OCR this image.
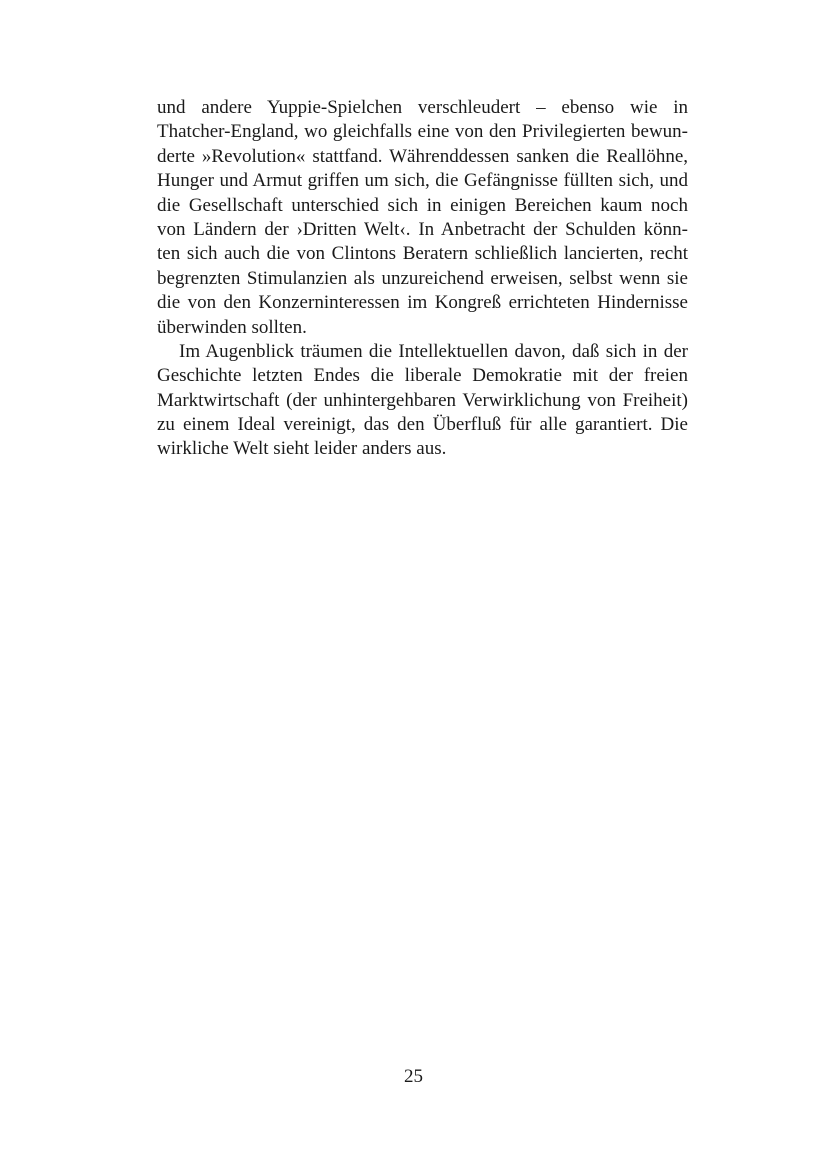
und andere Yuppie-Spielchen verschleudert – ebenso wie in
Thatcher-England, wo gleichfalls eine von den Privilegierten bewun-
derte »Revolution« stattfand. Währenddessen sanken die Reallöhne,
Hunger und Armut griffen um sich, die Gefängnisse füllten sich, und
die Gesellschaft unterschied sich in einigen Bereichen kaum noch
von Ländern der ›Dritten Welt‹. In Anbetracht der Schulden könn-
ten sich auch die von Clintons Beratern schließlich lancierten, recht
begrenzten Stimulanzien als unzureichend erweisen, selbst wenn sie
die von den Konzerninteressen im Kongreß errichteten Hindernisse
überwinden sollten.
Im Augenblick träumen die Intellektuellen davon, daß sich in der
Geschichte letzten Endes die liberale Demokratie mit der freien
Marktwirtschaft (der unhintergehbaren Verwirklichung von Freiheit)
zu einem Ideal vereinigt, das den Überfluß für alle garantiert. Die
wirkliche Welt sieht leider anders aus.
25
